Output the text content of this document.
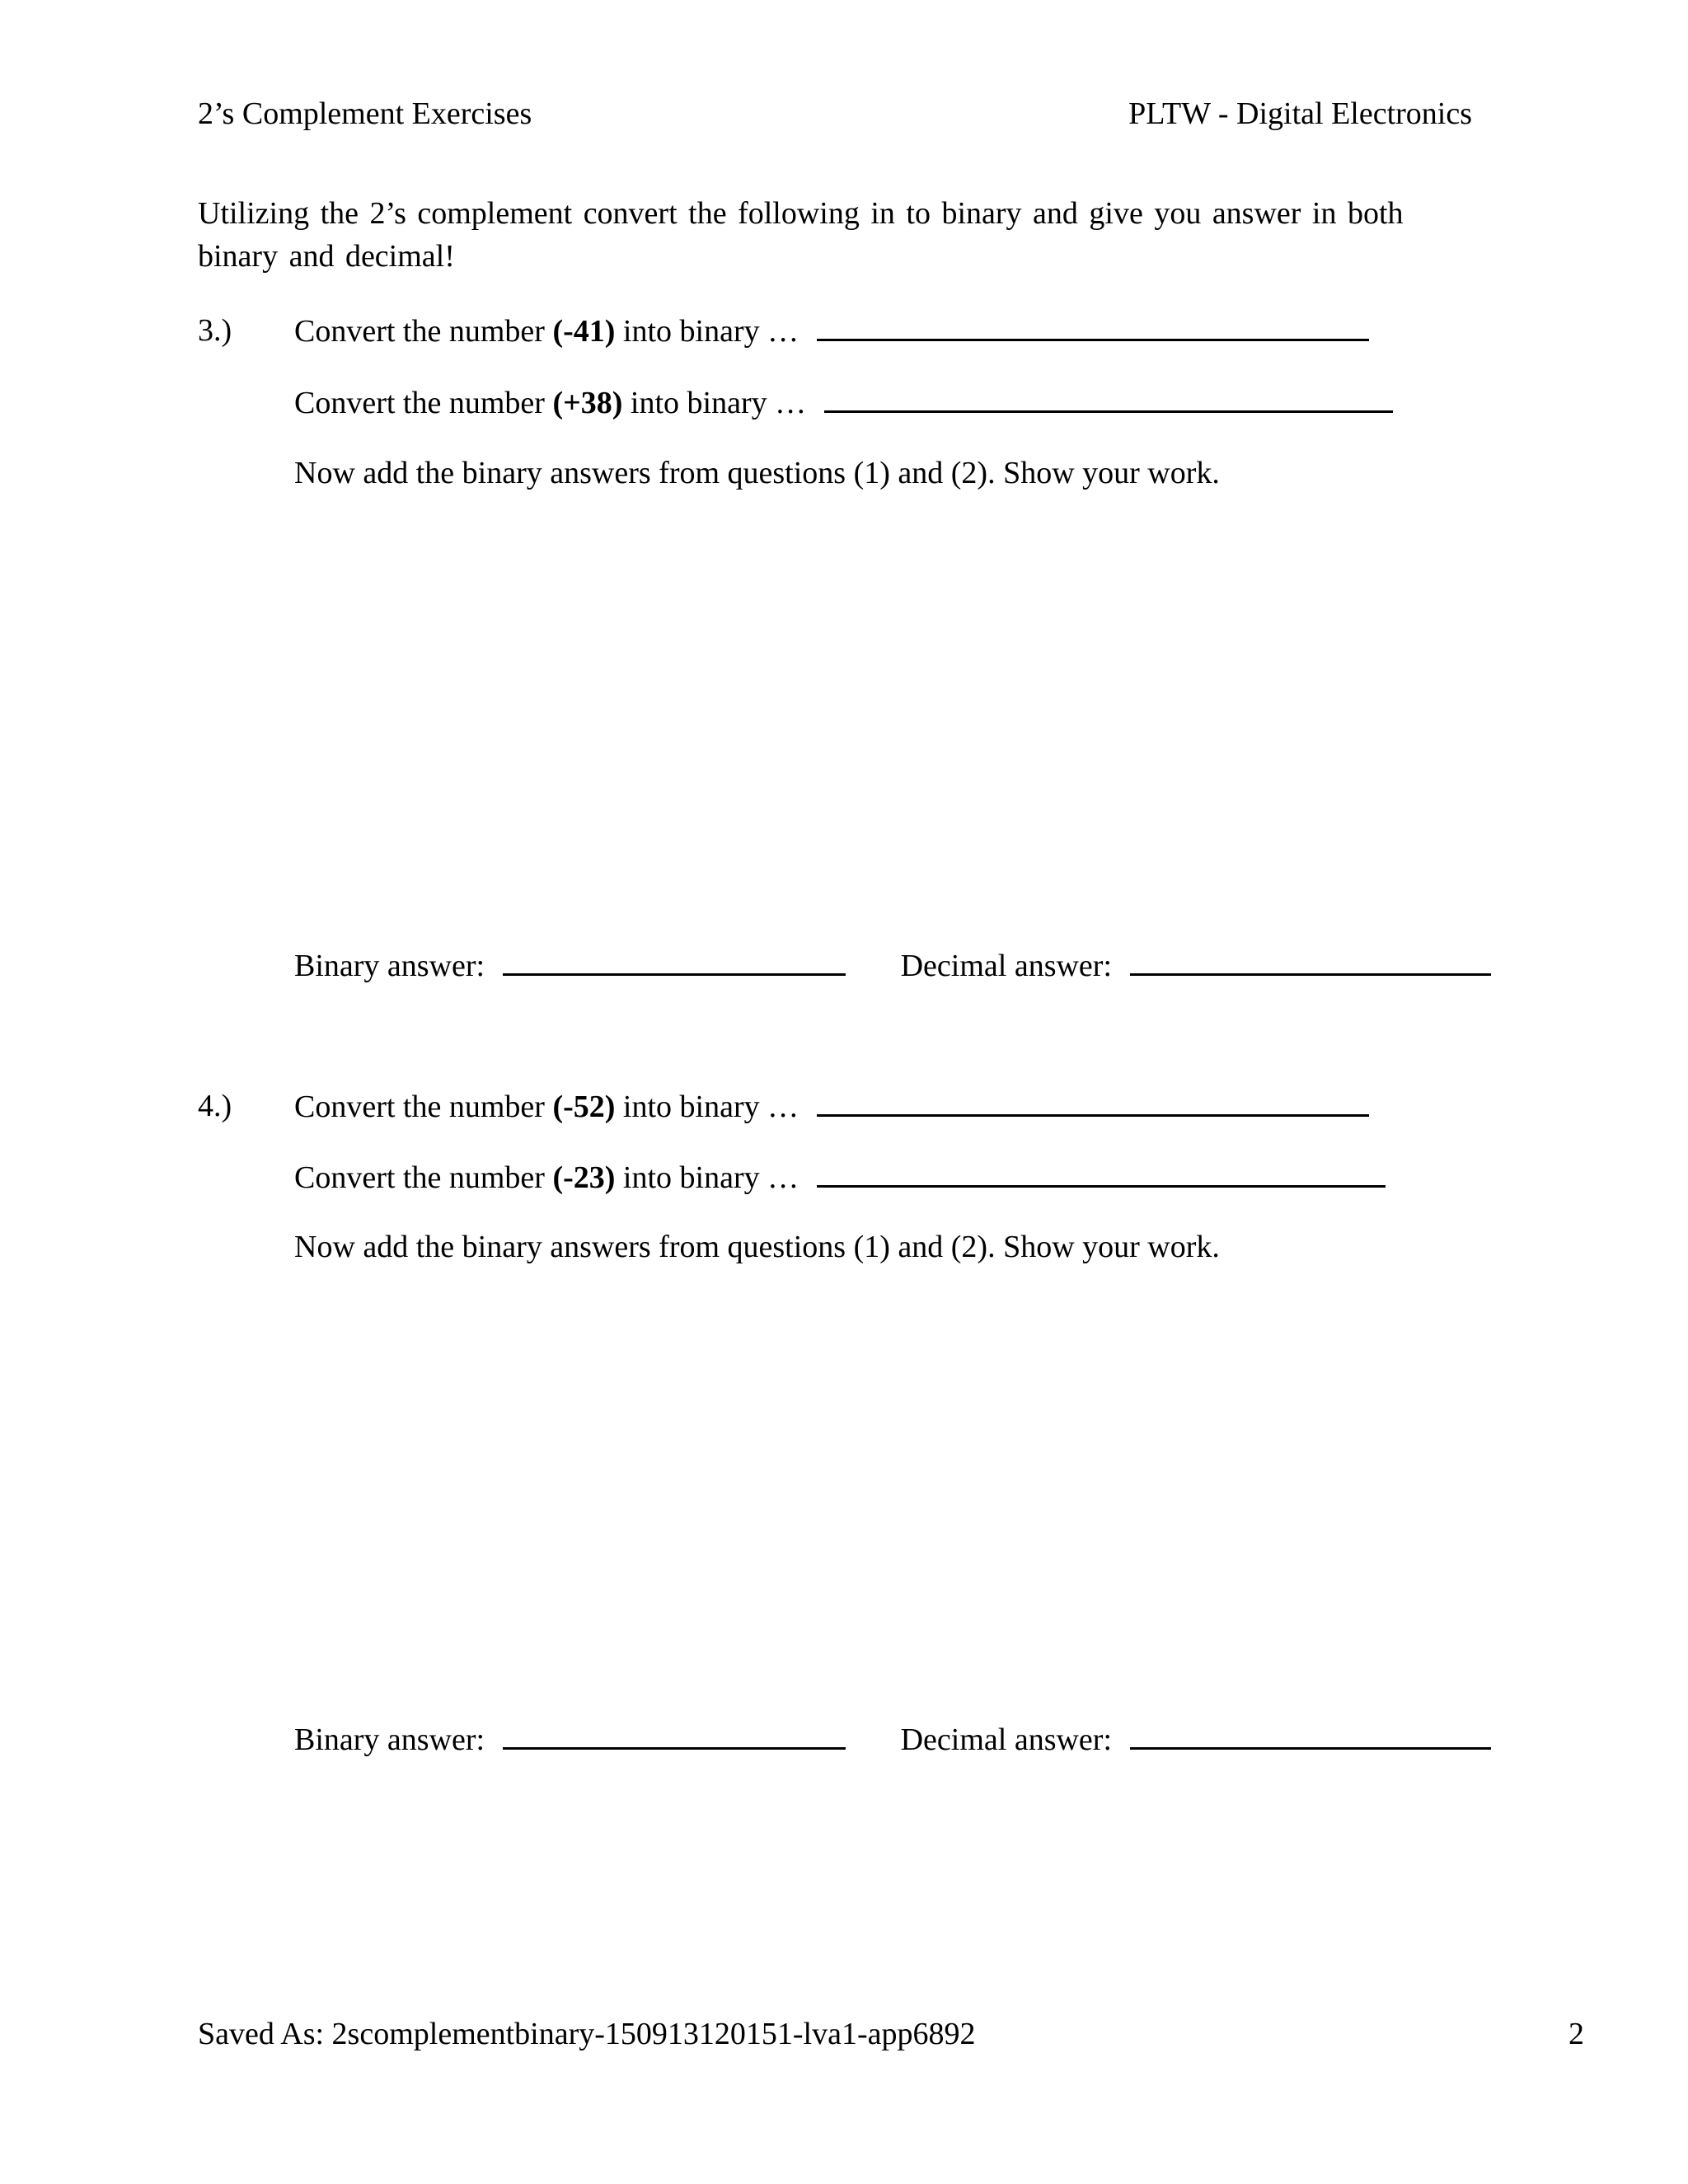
2’s Complement Exercises	PLTW - Digital Electronics
Utilizing the 2’s complement convert the following in to binary and give you answer in both binary and decimal!
3.) Convert the number (-41) into binary …
Convert the number (+38) into binary …
Now add the binary answers from questions (1) and (2). Show your work.
Binary answer:	Decimal answer:
4.) Convert the number (-52) into binary …
Convert the number (-23) into binary …
Now add the binary answers from questions (1) and (2). Show your work.
Binary answer:	Decimal answer:
Saved As: 2scomplementbinary-150913120151-lva1-app6892	2
